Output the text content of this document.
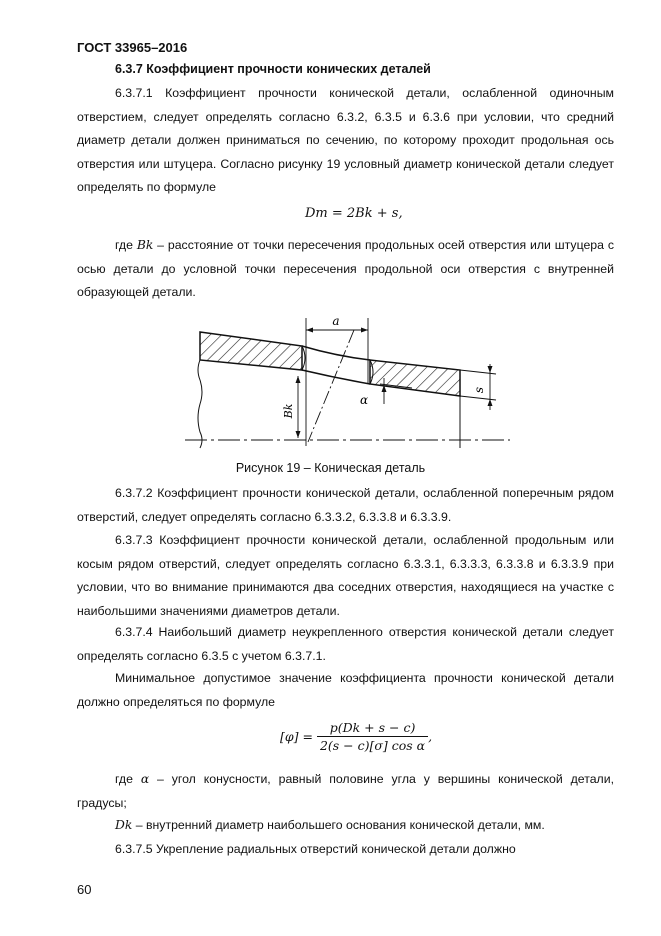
ГОСТ 33965–2016
6.3.7 Коэффициент прочности конических деталей
6.3.7.1 Коэффициент прочности конической детали, ослабленной одиночным отверстием, следует определять согласно 6.3.2, 6.3.5 и 6.3.6 при условии, что средний диаметр детали должен приниматься по сечению, по которому проходит продольная ось отверстия или штуцера. Согласно рисунку 19 условный диаметр конической детали следует определять по формуле
Dm = 2Bk + s,
где Bk – расстояние от точки пересечения продольных осей отверстия или штуцера с осью детали до условной точки пересечения продольной оси отверстия с внутренней образующей детали.
a
Bk
α
s
Рисунок 19 – Коническая деталь
6.3.7.2 Коэффициент прочности конической детали, ослабленной поперечным рядом отверстий, следует определять согласно 6.3.3.2, 6.3.3.8 и 6.3.3.9.
6.3.7.3 Коэффициент прочности конической детали, ослабленной продольным или косым рядом отверстий, следует определять согласно 6.3.3.1, 6.3.3.3, 6.3.3.8 и 6.3.3.9 при условии, что во внимание принимаются два соседних отверстия, находящиеся на участке с наибольшими значениями диаметров детали.
6.3.7.4 Наибольший диаметр неукрепленного отверстия конической детали следует определять согласно 6.3.5 с учетом 6.3.7.1.
Минимальное допустимое значение коэффициента прочности конической детали должно определяться по формуле
$[\varphi] = \frac{p(Dk + s - c)}{\text{2(s − c)[σ] cos α}}$ ,
где α – угол конусности, равный половине угла у вершины конической детали, градусы;
Dk – внутренний диаметр наибольшего основания конической детали, мм.
6.3.7.5 Укрепление радиальных отверстий конической детали должно
60
